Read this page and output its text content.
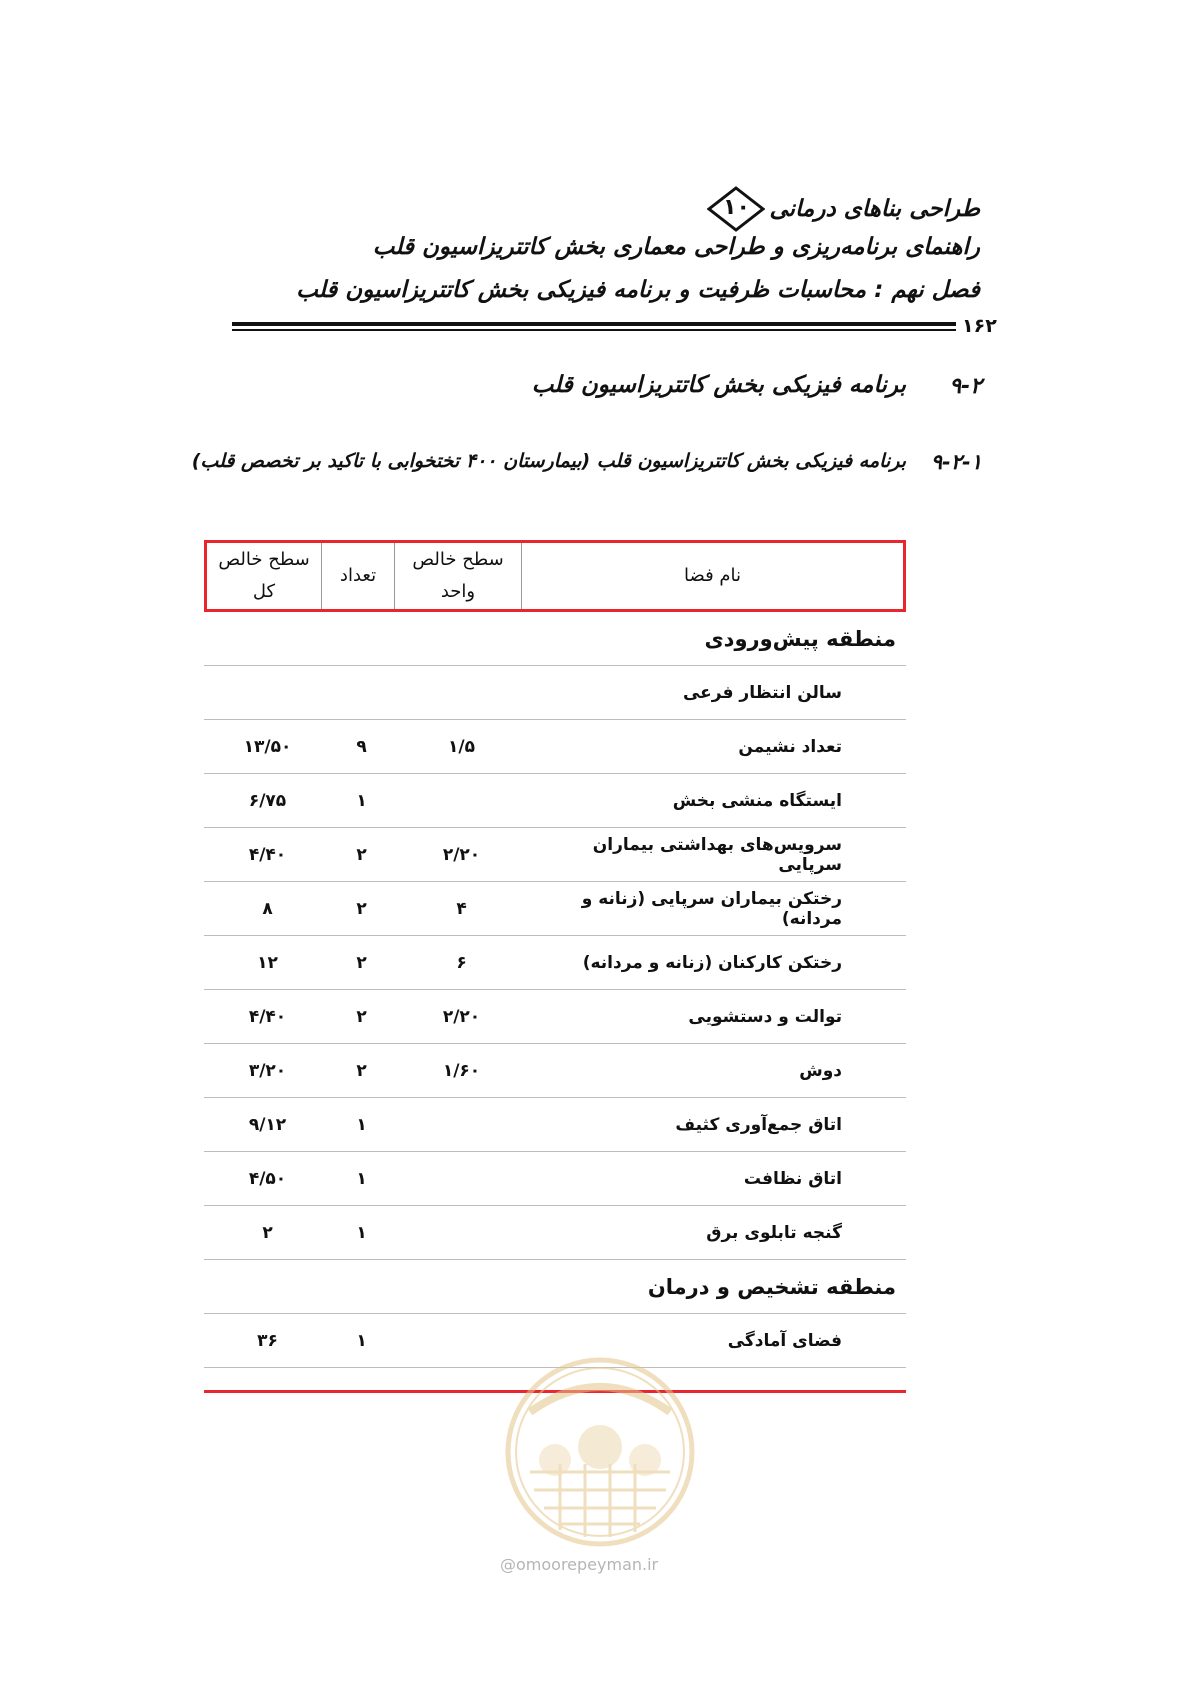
طراحی بناهای درمانی
۱۰
راهنمای برنامه‌ریزی و طراحی معماری بخش کاتتریزاسیون قلب
فصل نهم : محاسبات ظرفیت و برنامه فیزیکی بخش کاتتریزاسیون قلب
۱۶۲
۹-۲
برنامه فیزیکی بخش کاتتریزاسیون قلب
۹-۲-۱
برنامه فیزیکی بخش کاتتریزاسیون قلب (بیمارستان ۴۰۰ تختخوابی با تاکید بر تخصص قلب)
نام فضا
سطح خالص واحد
تعداد
سطح خالص کل
منطقه پیش‌ورودی
سالن انتظار فرعی
تعداد نشیمن
۱/۵
۹
۱۳/۵۰
ایستگاه منشی بخش
۱
۶/۷۵
سرویس‌های بهداشتی بیماران سرپایی
۲/۲۰
۲
۴/۴۰
رختکن بیماران سرپایی (زنانه و مردانه)
۴
۲
۸
رختکن کارکنان (زنانه و مردانه)
۶
۲
۱۲
توالت و دستشویی
۲/۲۰
۲
۴/۴۰
دوش
۱/۶۰
۲
۳/۲۰
اتاق جمع‌آوری کثیف
۱
۹/۱۲
اتاق نظافت
۱
۴/۵۰
گنجه تابلوی برق
۱
۲
منطقه تشخیص و درمان
فضای آمادگی
۱
۳۶
@omoorepeyman.ir
